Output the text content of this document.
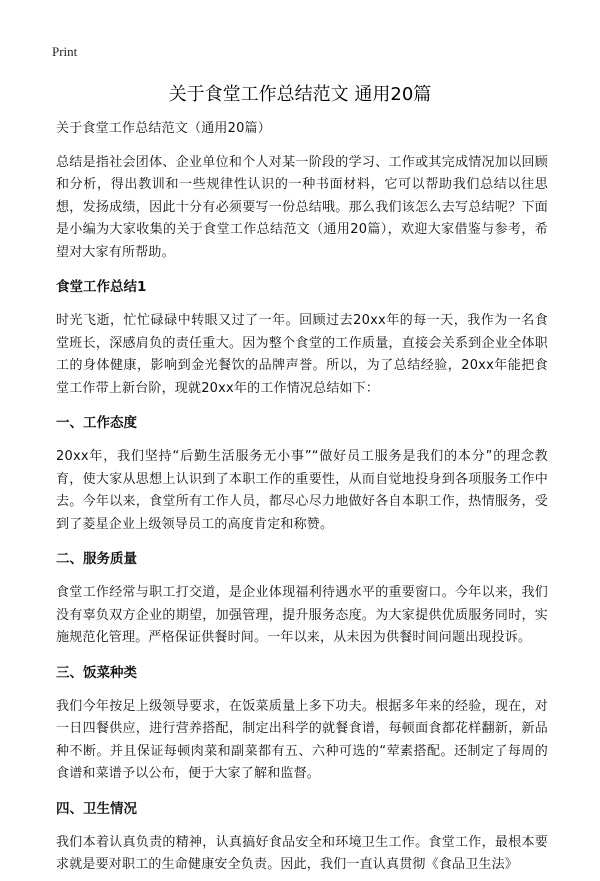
Print
关于食堂工作总结范文 通用20篇

关于食堂工作总结范文（通用20篇）

总结是指社会团体、企业单位和个人对某一阶段的学习、工作或其完成情况加以回顾和分析，得出教训和一些规律性认识的一种书面材料，它可以帮助我们总结以往思想，发扬成绩，因此十分有必须要写一份总结哦。那么我们该怎么去写总结呢？下面是小编为大家收集的关于食堂工作总结范文（通用20篇），欢迎大家借鉴与参考，希望对大家有所帮助。

食堂工作总结1

时光飞逝，忙忙碌碌中转眼又过了一年。回顾过去20xx年的每一天，我作为一名食堂班长，深感肩负的责任重大。因为整个食堂的工作质量，直接会关系到企业全体职工的身体健康，影响到金光餐饮的品牌声誉。所以，为了总结经验，20xx年能把食堂工作带上新台阶，现就20xx年的工作情况总结如下：

一、工作态度

20xx年，我们坚持“后勤生活服务无小事”“做好员工服务是我们的本分”的理念教育，使大家从思想上认识到了本职工作的重要性，从而自觉地投身到各项服务工作中去。今年以来，食堂所有工作人员，都尽心尽力地做好各自本职工作，热情服务，受到了菱星企业上级领导员工的高度肯定和称赞。

二、服务质量

食堂工作经常与职工打交道，是企业体现福利待遇水平的重要窗口。今年以来，我们没有辜负双方企业的期望，加强管理，提升服务态度。为大家提供优质服务同时，实施规范化管理。严格保证供餐时间。一年以来，从未因为供餐时间问题出现投诉。

三、饭菜种类

我们今年按足上级领导要求，在饭菜质量上多下功夫。根据多年来的经验，现在，对一日四餐供应，进行营养搭配，制定出科学的就餐食谱，每顿面食都花样翻新，新品种不断。并且保证每顿肉菜和副菜都有五、六种可选的“荤素搭配。还制定了每周的食谱和菜谱予以公布，便于大家了解和监督。

四、卫生情况

我们本着认真负责的精神，认真搞好食品安全和环境卫生工作。食堂工作，最根本要求就是要对职工的生命健康安全负责。因此，我们一直认真贯彻《食品卫生法》
